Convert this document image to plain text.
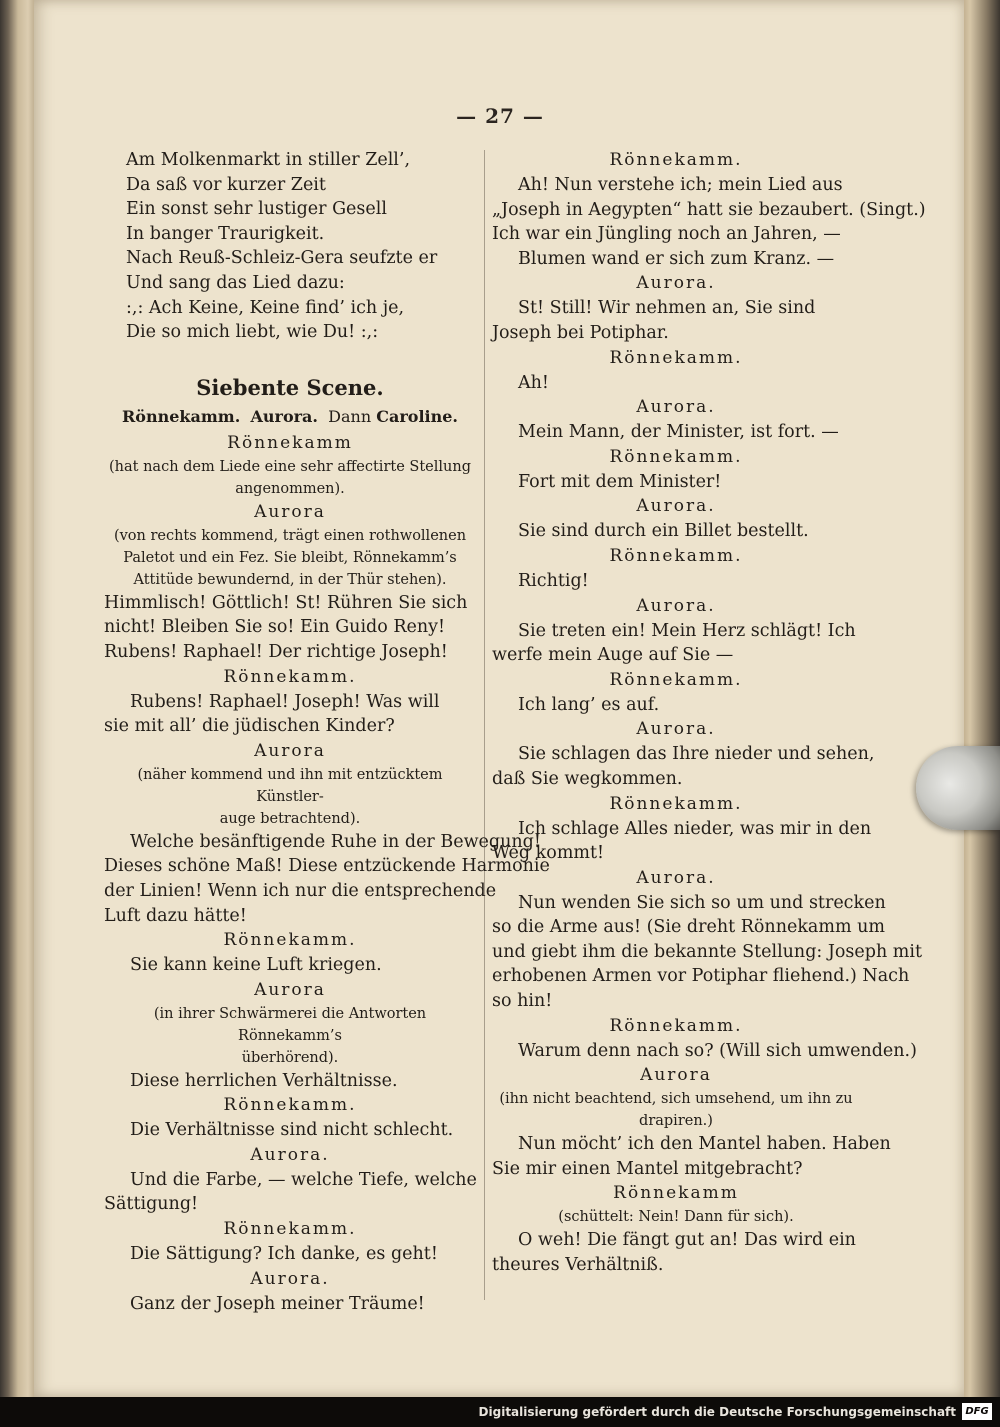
— 27 —
Am Molkenmarkt in stiller Zell’,
Da saß vor kurzer Zeit
Ein sonst sehr lustiger Gesell
In banger Traurigkeit.
Nach Reuß-Schleiz-Gera seufzte er
Und sang das Lied dazu:
:,: Ach Keine, Keine find’ ich je,
Die so mich liebt, wie Du! :,:
Siebente Scene.
Rönnekamm. Aurora. Dann Caroline.
Rönnekamm
(hat nach dem Liede eine sehr affectirte Stellung
angenommen).
Aurora
(von rechts kommend, trägt einen rothwollenen
Paletot und ein Fez. Sie bleibt, Rönnekamm’s
Attitüde bewundernd, in der Thür stehen).
Himmlisch! Göttlich! St! Rühren Sie sich
nicht! Bleiben Sie so! Ein Guido Reny!
Rubens! Raphael! Der richtige Joseph!
Rönnekamm.
Rubens! Raphael! Joseph! Was will
sie mit all’ die jüdischen Kinder?
Aurora
(näher kommend und ihn mit entzücktem Künstler-
auge betrachtend).
Welche besänftigende Ruhe in der Bewegung!
Dieses schöne Maß! Diese entzückende Harmonie
der Linien! Wenn ich nur die entsprechende
Luft dazu hätte!
Rönnekamm.
Sie kann keine Luft kriegen.
Aurora
(in ihrer Schwärmerei die Antworten Rönnekamm’s
überhörend).
Diese herrlichen Verhältnisse.
Rönnekamm.
Die Verhältnisse sind nicht schlecht.
Aurora.
Und die Farbe, — welche Tiefe, welche
Sättigung!
Rönnekamm.
Die Sättigung? Ich danke, es geht!
Aurora.
Ganz der Joseph meiner Träume!
Rönnekamm.
Ah! Nun verstehe ich; mein Lied aus
„Joseph in Aegypten“ hatt sie bezaubert. (Singt.)
Ich war ein Jüngling noch an Jahren, —
Blumen wand er sich zum Kranz. —
Aurora.
St! Still! Wir nehmen an, Sie sind
Joseph bei Potiphar.
Rönnekamm.
Ah!
Aurora.
Mein Mann, der Minister, ist fort. —
Rönnekamm.
Fort mit dem Minister!
Aurora.
Sie sind durch ein Billet bestellt.
Rönnekamm.
Richtig!
Aurora.
Sie treten ein! Mein Herz schlägt! Ich
werfe mein Auge auf Sie —
Rönnekamm.
Ich lang’ es auf.
Aurora.
Sie schlagen das Ihre nieder und sehen,
daß Sie wegkommen.
Rönnekamm.
Ich schlage Alles nieder, was mir in den
Weg kommt!
Aurora.
Nun wenden Sie sich so um und strecken
so die Arme aus! (Sie dreht Rönnekamm um
und giebt ihm die bekannte Stellung: Joseph mit
erhobenen Armen vor Potiphar fliehend.) Nach
so hin!
Rönnekamm.
Warum denn nach so? (Will sich umwenden.)
Aurora
(ihn nicht beachtend, sich umsehend, um ihn zu
drapiren.)
Nun möcht’ ich den Mantel haben. Haben
Sie mir einen Mantel mitgebracht?
Rönnekamm
(schüttelt: Nein! Dann für sich).
O weh! Die fängt gut an! Das wird ein
theures Verhältniß.
Digitalisierung gefördert durch die Deutsche Forschungsgemeinschaft DFG
